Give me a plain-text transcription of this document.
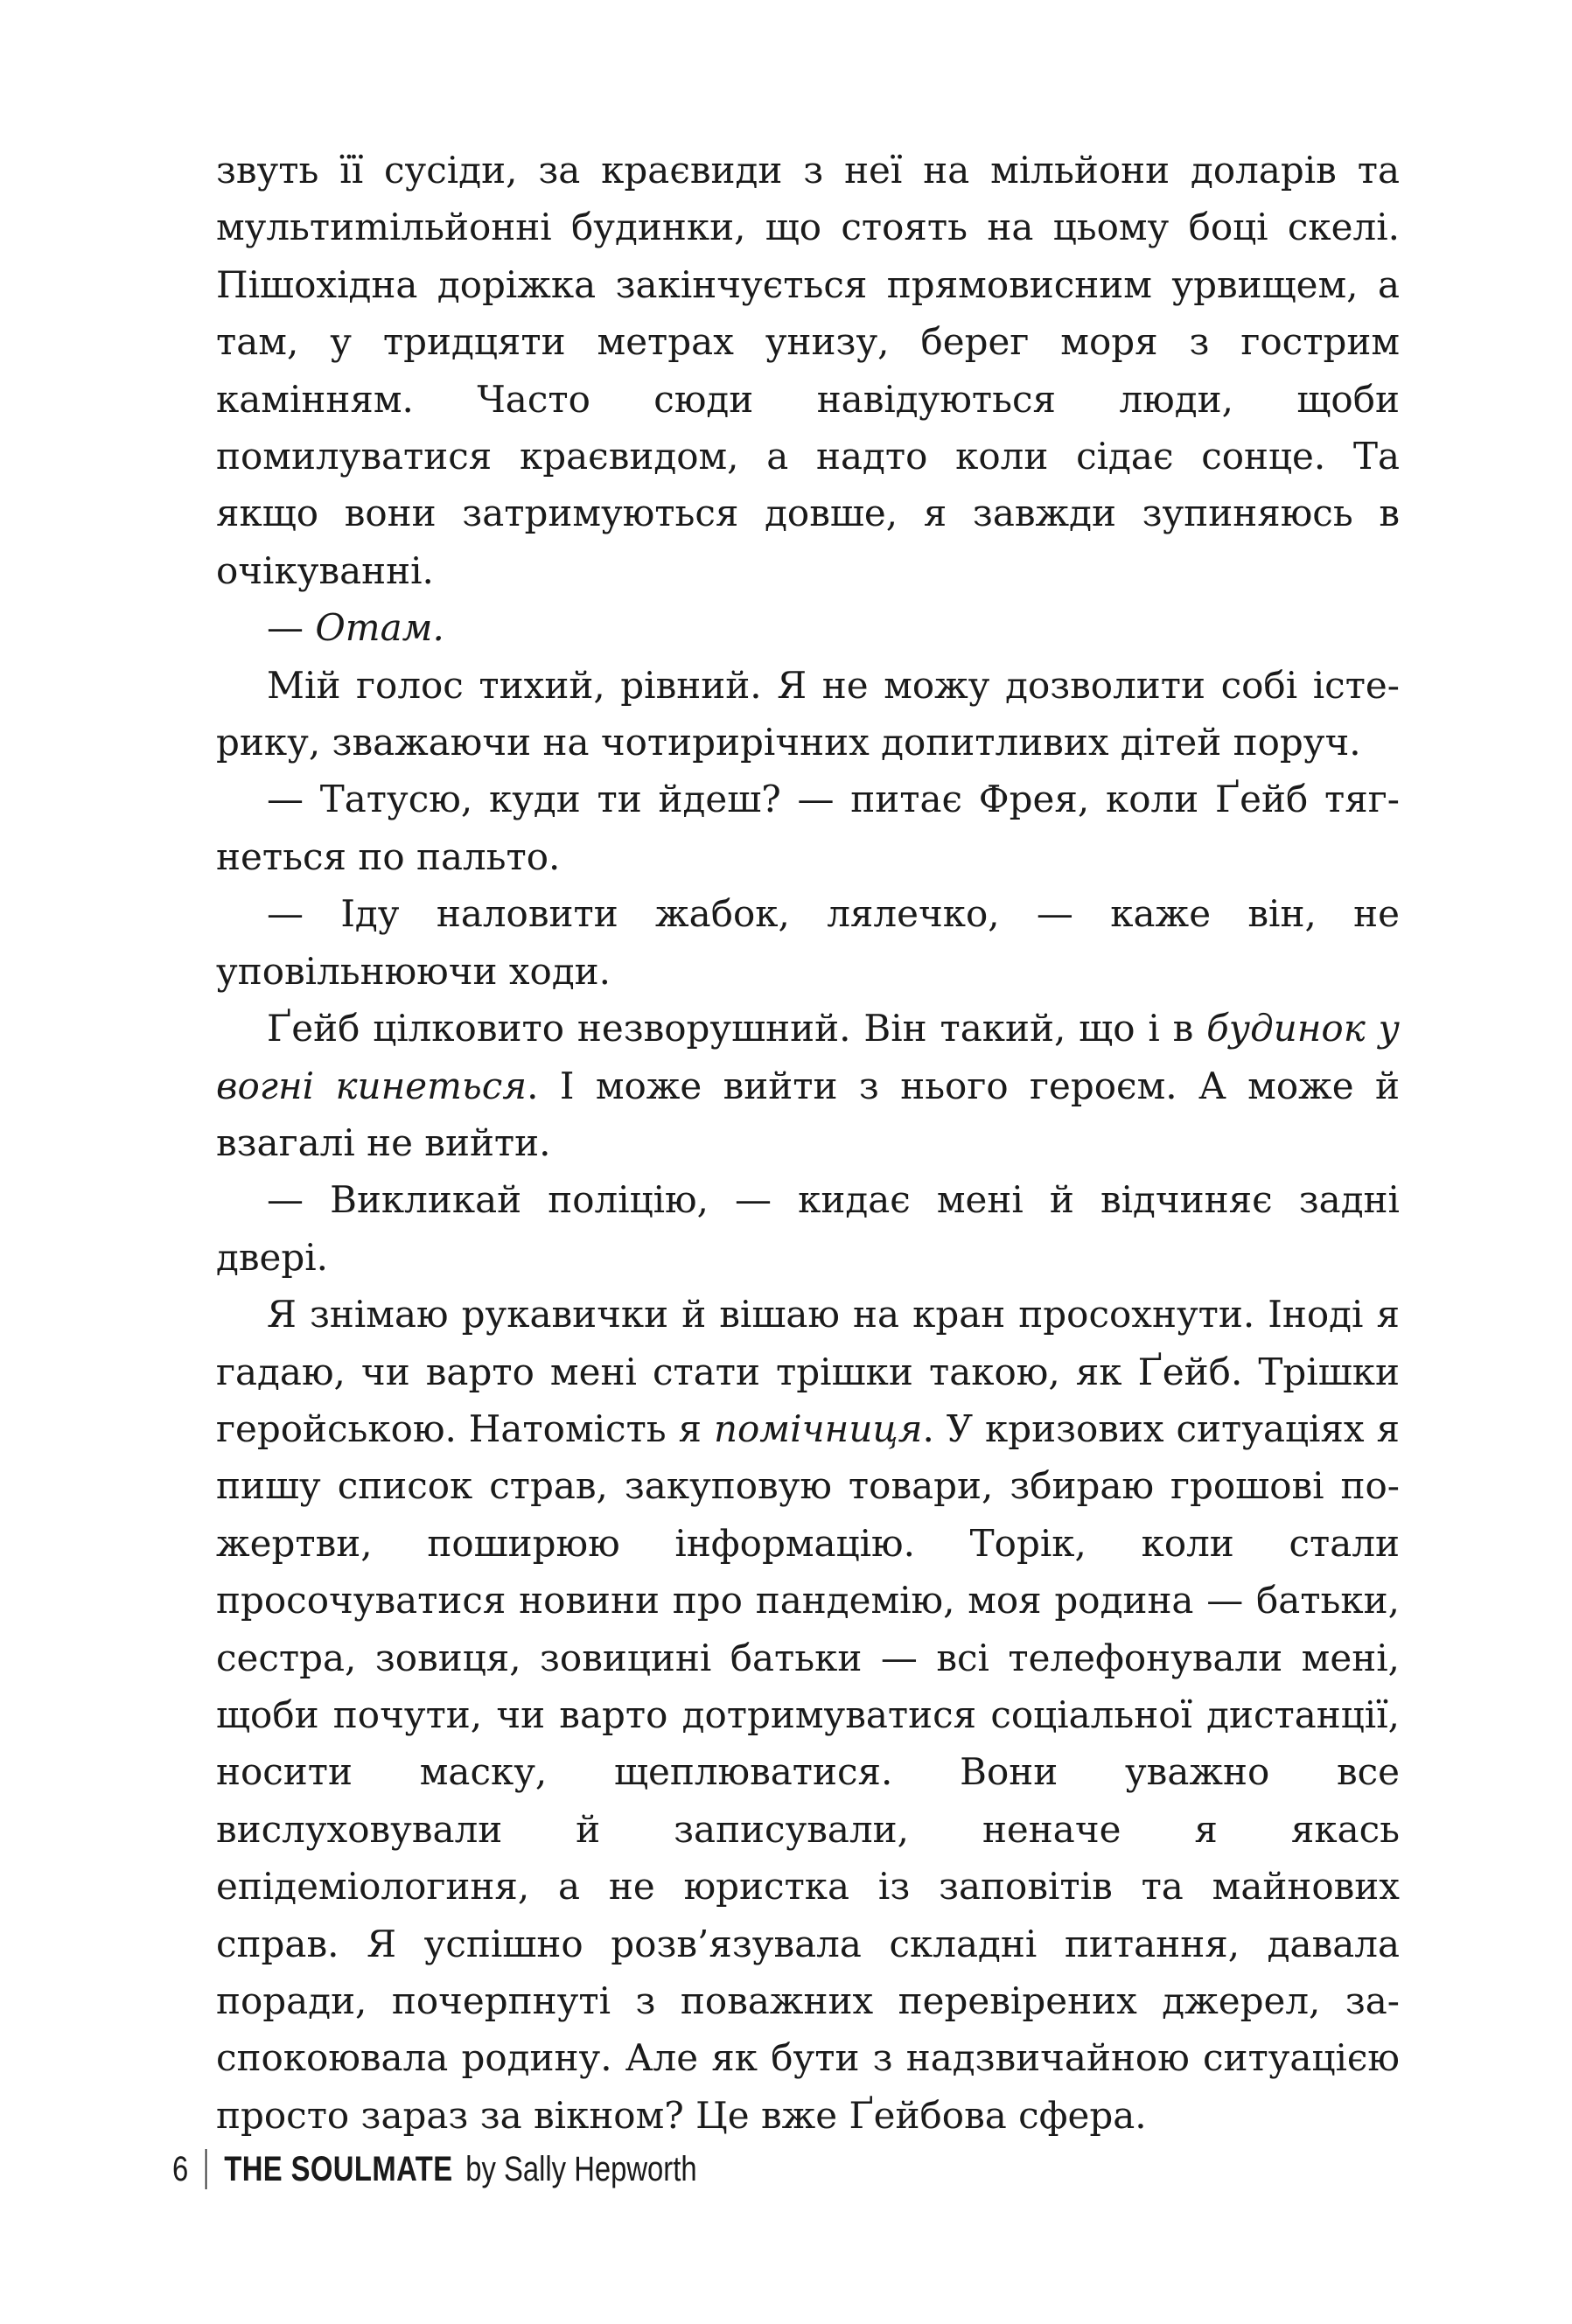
звуть її сусіди, за краєвиди з неї на мільйони доларів та мультиmільйонні будинки, що стоять на цьому боці скелі. Пішохідна доріжка закінчується прямовисним урвищем, а там, у тридцяти метрах унизу, берег моря з гострим камінням. Часто сюди навідуються люди, щоби помилуватися краєвидом, а надто коли сідає сонце. Та якщо вони затримуються довше, я завжди зупиняюсь в очікуванні.

— Отам.

Мій голос тихий, рівний. Я не можу дозволити собі істерику, зважаючи на чотирирічних допитливих дітей поруч.

— Татусю, куди ти йдеш? — питає Фрея, коли Ґейб тягнеться по пальто.

— Іду наловити жабок, лялечко, — каже він, не уповільнюючи ходи.

Ґейб цілковито незворушний. Він такий, що і в будинок у вогні кинеться. І може вийти з нього героєм. А може й взагалі не вийти.

— Викликай поліцію, — кидає мені й відчиняє задні двері.

Я знімаю рукавички й вішаю на кран просохнути. Іноді я гадаю, чи варто мені стати трішки такою, як Ґейб. Трішки геройською. Натомість я помічниця. У кризових ситуаціях я пишу список страв, закуповую товари, збираю грошові пожертви, поширюю інформацію. Торік, коли стали просочуватися новини про пандемію, моя родина — батьки, сестра, зовиця, зовицині батьки — всі телефонували мені, щоби почути, чи варто дотримуватися соціальної дистанції, носити маску, щеплюватися. Вони уважно все вислуховували й записували, неначе я якась епідеміологиня, а не юристка із заповітів та майнових справ. Я успішно розв’язувала складні питання, давала поради, почерпнуті з поважних перевірених джерел, заспокоювала родину. Але як бути з надзвичайною ситуацією просто зараз за вікном? Це вже Ґейбова сфера.

6 THE SOULMATE by Sally Hepworth
